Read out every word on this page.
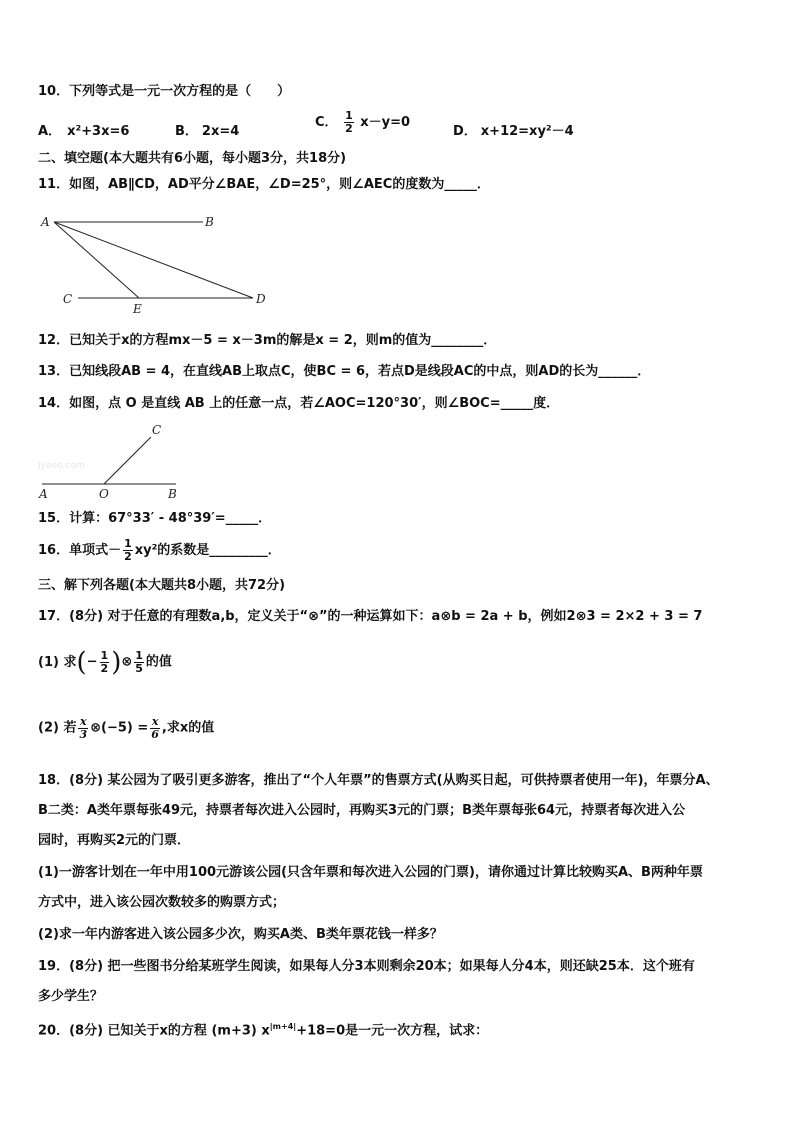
10．下列等式是一元一次方程的是（　　）
A． x²+3x=6	B． 2x=4
C． $\frac{1}{2} x-y=0$
D． x+12=xy²－4
二、填空题(本大题共有6小题，每小题3分，共18分)
11．如图，AB∥CD，AD平分∠BAE，∠D=25°，则∠AEC的度数为_____．
A	B
C	D
E
12．已知关于x的方程mx－5 = x－3m的解是x = 2，则m的值为________．
13．已知线段AB = 4，在直线AB上取点C，使BC = 6，若点D是线段AC的中点，则AD的长为______．
14．如图，点 O 是直线 AB 上的任意一点，若∠AOC=120°30′，则∠BOC=_____度．
Jyeoo.com
A	O	B
C
15．计算：67°33′ - 48°39′=_____．
16．单项式－ $\frac{1}{2} xy^2$的系数是_________．
三、解下列各题(本大题共8小题，共72分)
17．(8分) 对于任意的有理数a,b，定义关于“⊗”的一种运算如下：a⊗b = 2a + b，例如2⊗3 = 2×2 + 3 = 7
(1) 求(− $\frac{1}{2}$ )⊗ $\frac{1}{5}$ 的值
(2) 若 $\frac{x}{3}$ ⊗(−5) = $\frac{x}{6}$ ,求x的值
18．(8分) 某公园为了吸引更多游客，推出了“个人年票”的售票方式(从购买日起，可供持票者使用一年)，年票分A、
B二类：A类年票每张49元，持票者每次进入公园时，再购买3元的门票；B类年票每张64元，持票者每次进入公
园时，再购买2元的门票．
(1)一游客计划在一年中用100元游该公园(只含年票和每次进入公园的门票)，请你通过计算比较购买A、B两种年票
方式中，进入该公园次数较多的购票方式；
(2)求一年内游客进入该公园多少次，购买A类、B类年票花钱一样多？
19．(8分) 把一些图书分给某班学生阅读，如果每人分3本则剩余20本；如果每人分4本，则还缺25本．这个班有
多少学生？
20．(8分) 已知关于x的方程 (m+3) $x^{|m+4|}+18=0$是一元一次方程，试求：
